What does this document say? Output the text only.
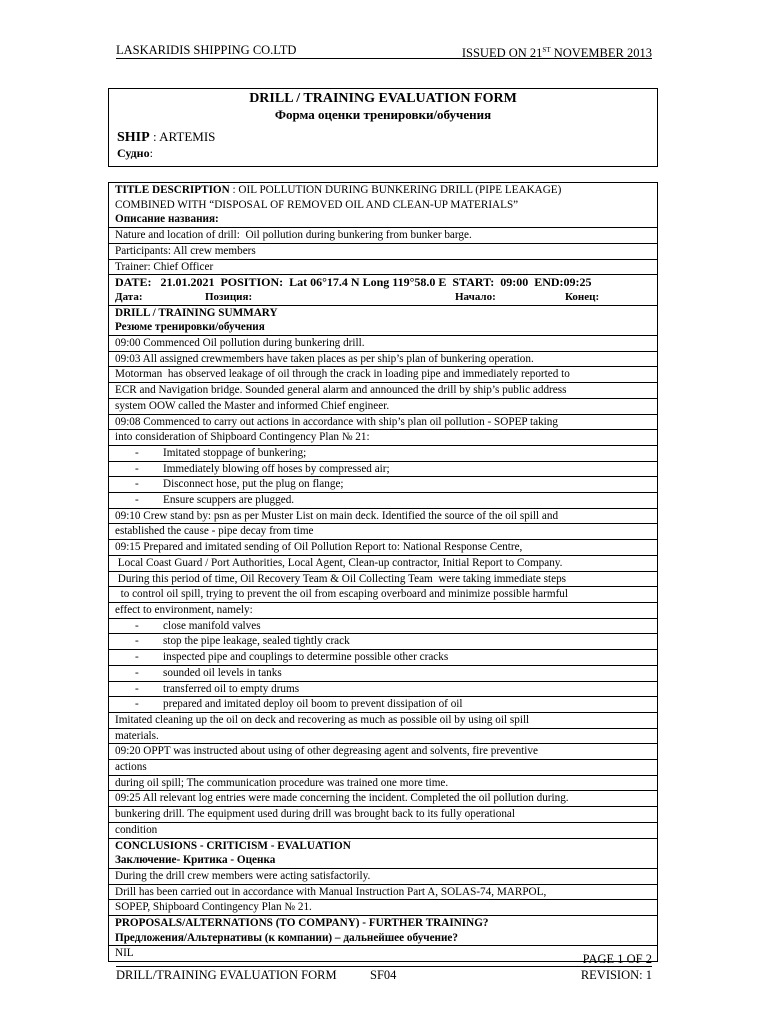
LASKARIDIS SHIPPING CO.LTD	ISSUED ON 21ST NOVEMBER 2013
DRILL / TRAINING EVALUATION FORM
Форма оценки тренировки/обучения
SHIP : ARTEMIS
Судно:
TITLE DESCRIPTION : OIL POLLUTION DURING BUNKERING DRILL (PIPE LEAKAGE)
COMBINED WITH “DISPOSAL OF REMOVED OIL AND CLEAN-UP MATERIALS”
Описание названия:

Nature and location of drill:  Oil pollution during bunkering from bunker barge.
Participants: All crew members
Trainer: Chief Officer

DATE:   21.01.2021  POSITION:  Lat 06°17.4 N Long 119°58.0 E  START:  09:00  END:09:25
Дата:	Позиция:	Начало:	Конец:

DRILL / TRAINING SUMMARY
Резюме тренировки/обучения

09:00 Commenced Oil pollution during bunkering drill.
09:03 All assigned crewmembers have taken places as per ship’s plan of bunkering operation.
Motorman  has observed leakage of oil through the crack in loading pipe and immediately reported to
ECR and Navigation bridge. Sounded general alarm and announced the drill by ship’s public address
system OOW called the Master and informed Chief engineer.
09:08 Commenced to carry out actions in accordance with ship’s plan oil pollution - SOPEP taking
into consideration of Shipboard Contingency Plan № 21:
- Imitated stoppage of bunkering;
- Immediately blowing off hoses by compressed air;
- Disconnect hose, put the plug on flange;
- Ensure scuppers are plugged.
09:10 Crew stand by: psn as per Muster List on main deck. Identified the source of the oil spill and
established the cause - pipe decay from time
09:15 Prepared and imitated sending of Oil Pollution Report to: National Response Centre,
Local Coast Guard / Port Authorities, Local Agent, Clean-up contractor, Initial Report to Company.
During this period of time, Oil Recovery Team & Oil Collecting Team  were taking immediate steps
to control oil spill, trying to prevent the oil from escaping overboard and minimize possible harmful
effect to environment, namely:
- close manifold valves
- stop the pipe leakage, sealed tightly crack
- inspected pipe and couplings to determine possible other cracks
- sounded oil levels in tanks
- transferred oil to empty drums
- prepared and imitated deploy oil boom to prevent dissipation of oil
Imitated cleaning up the oil on deck and recovering as much as possible oil by using oil spill
materials.
09:20 OPPT was instructed about using of other degreasing agent and solvents, fire preventive
actions
during oil spill; The communication procedure was trained one more time.
09:25 All relevant log entries were made concerning the incident. Completed the oil pollution during.
bunkering drill. The equipment used during drill was brought back to its fully operational
condition

CONCLUSIONS - CRITICISM - EVALUATION
Заключение- Критика - Оценка

During the drill crew members were acting satisfactorily.
Drill has been carried out in accordance with Manual Instruction Part A, SOLAS-74, MARPOL,
SOPEP, Shipboard Contingency Plan № 21.

PROPOSALS/ALTERNATIONS (TO COMPANY) - FURTHER TRAINING?
Предложения/Альтернативы (к компании) – дальнейшее обучение?

NIL	PAGE 1 OF 2
DRILL/TRAINING EVALUATION FORM	SF04	REVISION: 1
